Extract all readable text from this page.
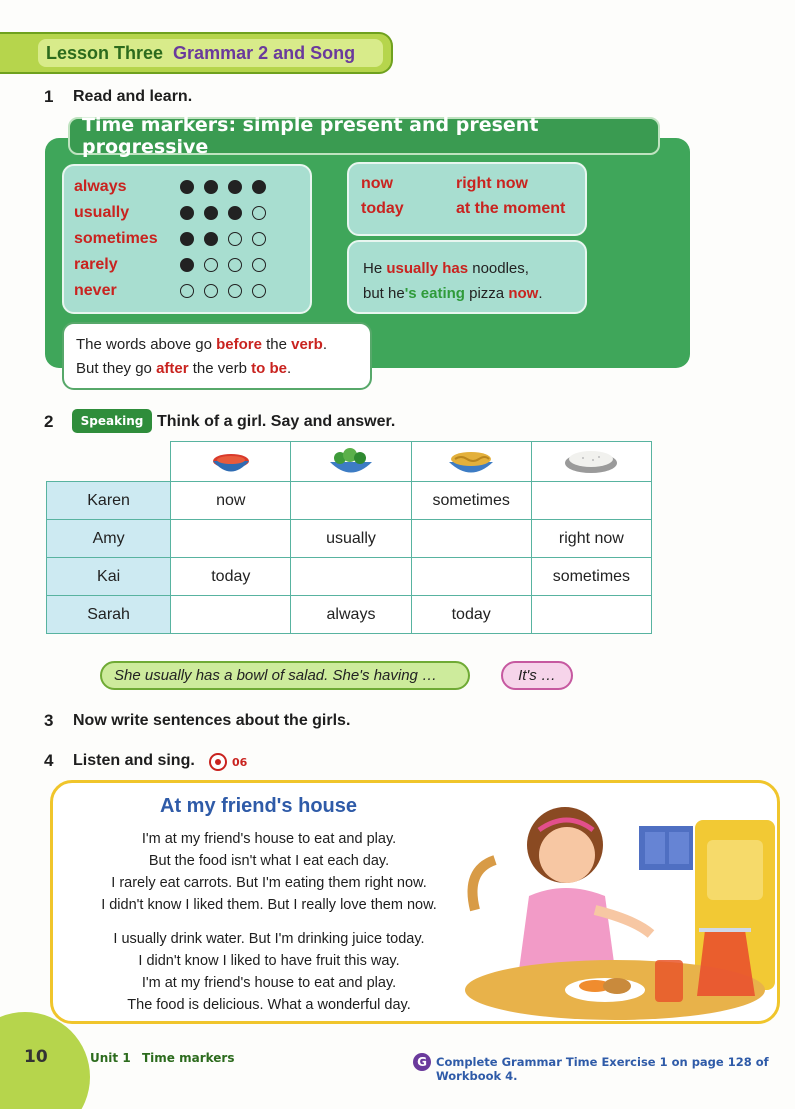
Lesson Three Grammar 2 and Song
1 Read and learn.
Time markers: simple present and present progressive
always
usually
sometimes
rarely
never
now	right now
today	at the moment
He usually has noodles,
but he's eating pizza now.
The words above go before the verb.
But they go after the verb to be.
2	Speaking Think of a girl. Say and answer.

Karen	now		sometimes	
Amy		usually		right now
Kai	today			sometimes
Sarah		always	today	
She usually has a bowl of salad. She's having …	It's …
3 Now write sentences about the girls.
4 Listen and sing.	06
At my friend's house
I'm at my friend's house to eat and play.
But the food isn't what I eat each day.
I rarely eat carrots. But I'm eating them right now.
I didn't know I liked them. But I really love them now.
I usually drink water. But I'm drinking juice today.
I didn't know I liked to have fruit this way.
I'm at my friend's house to eat and play.
The food is delicious. What a wonderful day.
10	Unit 1 Time markers	G Complete Grammar Time Exercise 1 on page 128 of Workbook 4.
